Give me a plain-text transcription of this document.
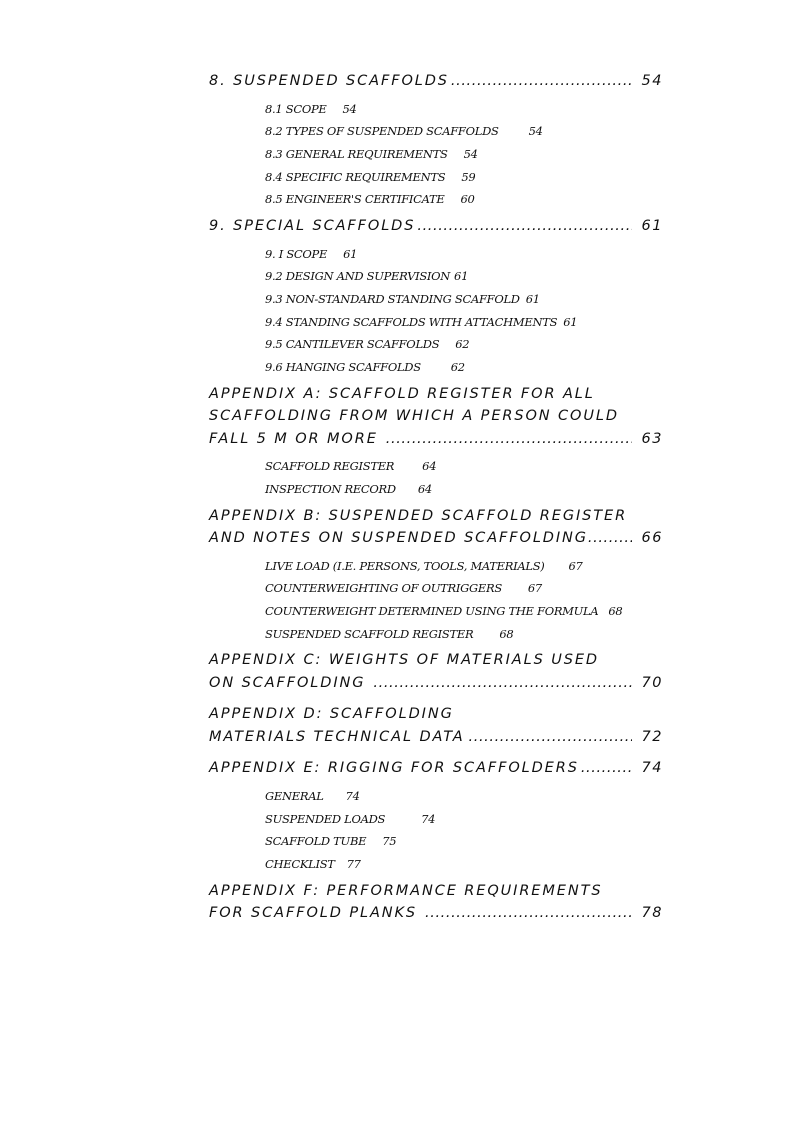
8. SUSPENDED SCAFFOLDS .....	54
8.1 SCOPE 54
8.2 TYPES OF SUSPENDED SCAFFOLDS	54
8.3 GENERAL REQUIREMENTS 54
8.4 SPECIFIC REQUIREMENTS 59
8.5 ENGINEER'S CERTIFICATE 60
9. SPECIAL SCAFFOLDS .....	61
9. I SCOPE 61
9.2 DESIGN AND SUPERVISION 61
9.3 NON-STANDARD STANDING SCAFFOLD 61
9.4 STANDING SCAFFOLDS WITH ATTACHMENTS 61
9.5 CANTILEVER SCAFFOLDS 62
9.6 HANGING SCAFFOLDS	62
APPENDIX A: SCAFFOLD REGISTER FOR ALL
SCAFFOLDING FROM WHICH A PERSON COULD
FALL 5 M OR MORE .....	63
SCAFFOLD REGISTER 64
INSPECTION RECORD 64
APPENDIX B: SUSPENDED SCAFFOLD REGISTER
AND NOTES ON SUSPENDED SCAFFOLDING .....	66
LIVE LOAD (I.E. PERSONS, TOOLS, MATERIALS) 67
COUNTERWEIGHTING OF OUTRIGGERS 67
COUNTERWEIGHT DETERMINED USING THE FORMULA 68
SUSPENDED SCAFFOLD REGISTER 68
APPENDIX C: WEIGHTS OF MATERIALS USED
ON SCAFFOLDING .....	70
APPENDIX D: SCAFFOLDING
MATERIALS TECHNICAL DATA .....	72
APPENDIX E: RIGGING FOR SCAFFOLDERS .....	74
GENERAL 74
SUSPENDED LOADS	74
SCAFFOLD TUBE 75
CHECKLIST 77
APPENDIX F: PERFORMANCE REQUIREMENTS
FOR SCAFFOLD PLANKS .....	78
